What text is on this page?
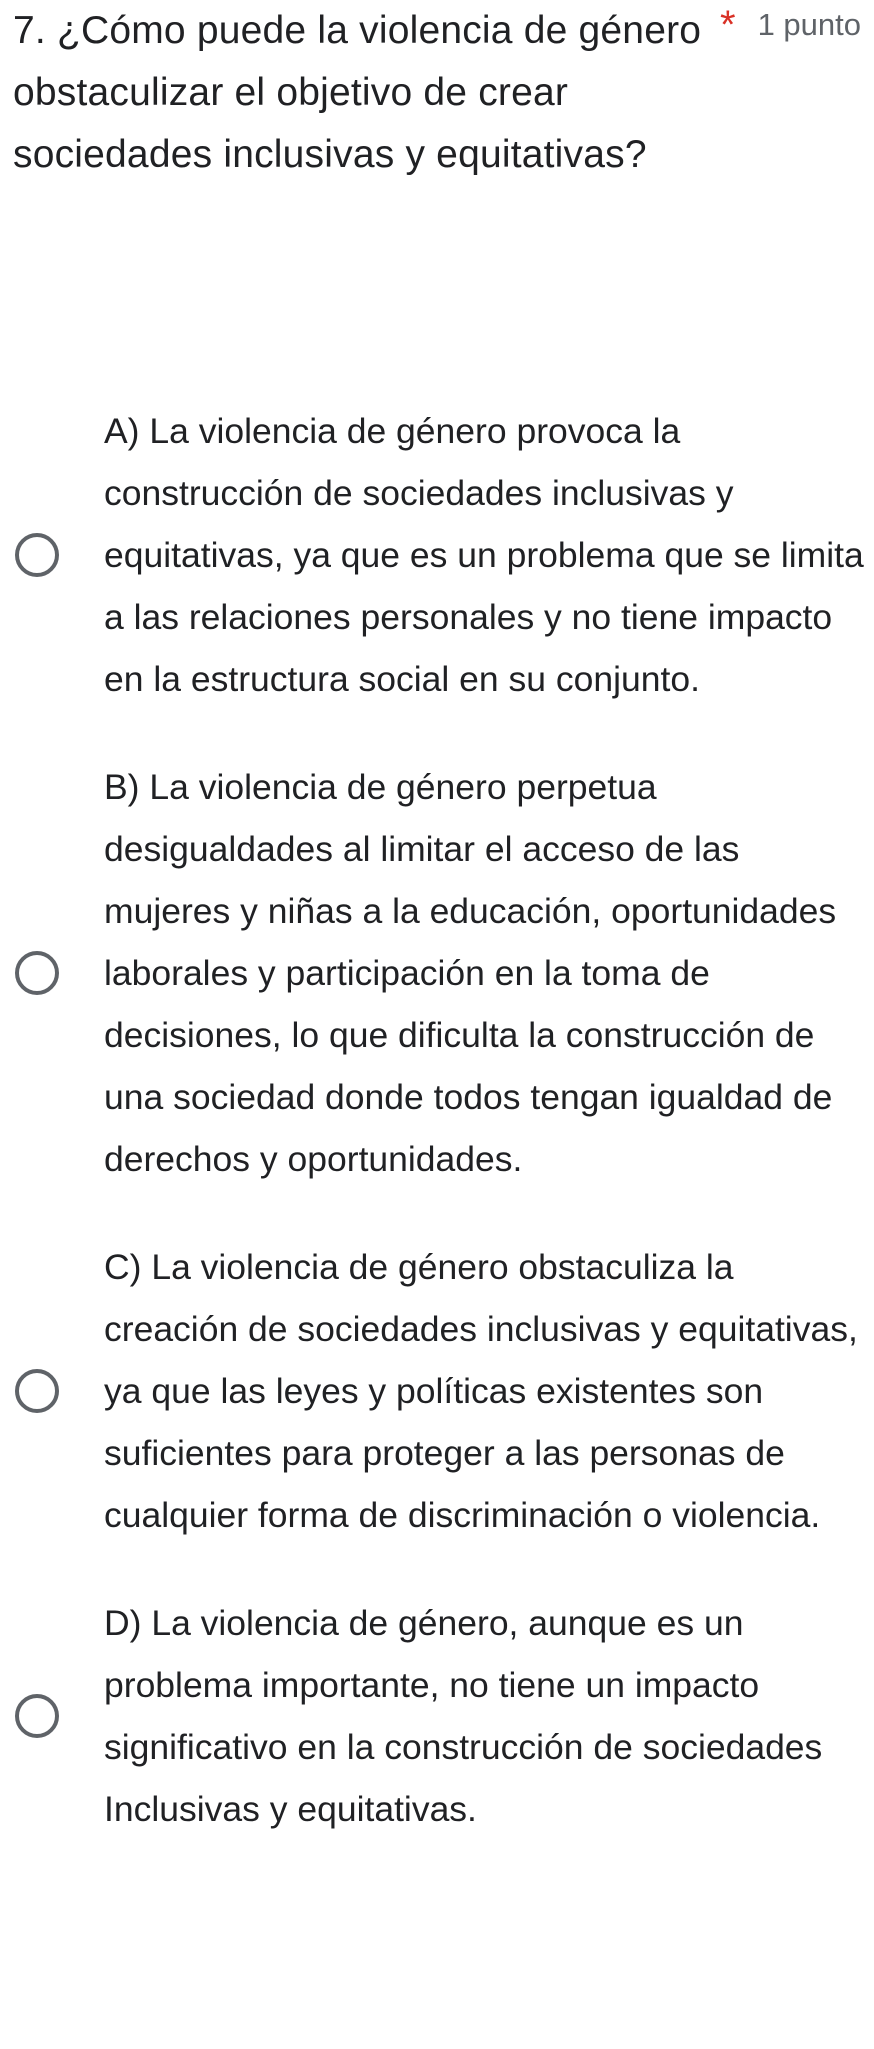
7. ¿Cómo puede la violencia de género obstaculizar el objetivo de crear sociedades inclusivas y equitativas?

* 1 punto

A) La violencia de género provoca la construcción de sociedades inclusivas y equitativas, ya que es un problema que se limita a las relaciones personales y no tiene impacto en la estructura social en su conjunto.

B) La violencia de género perpetua desigualdades al limitar el acceso de las mujeres y niñas a la educación, oportunidades laborales y participación en la toma de decisiones, lo que dificulta la construcción de una sociedad donde todos tengan igualdad de derechos y oportunidades.

C) La violencia de género obstaculiza la creación de sociedades inclusivas y equitativas, ya que las leyes y políticas existentes son suficientes para proteger a las personas de cualquier forma de discriminación o violencia.

D) La violencia de género, aunque es un problema importante, no tiene un impacto significativo en la construcción de sociedades Inclusivas y equitativas.
